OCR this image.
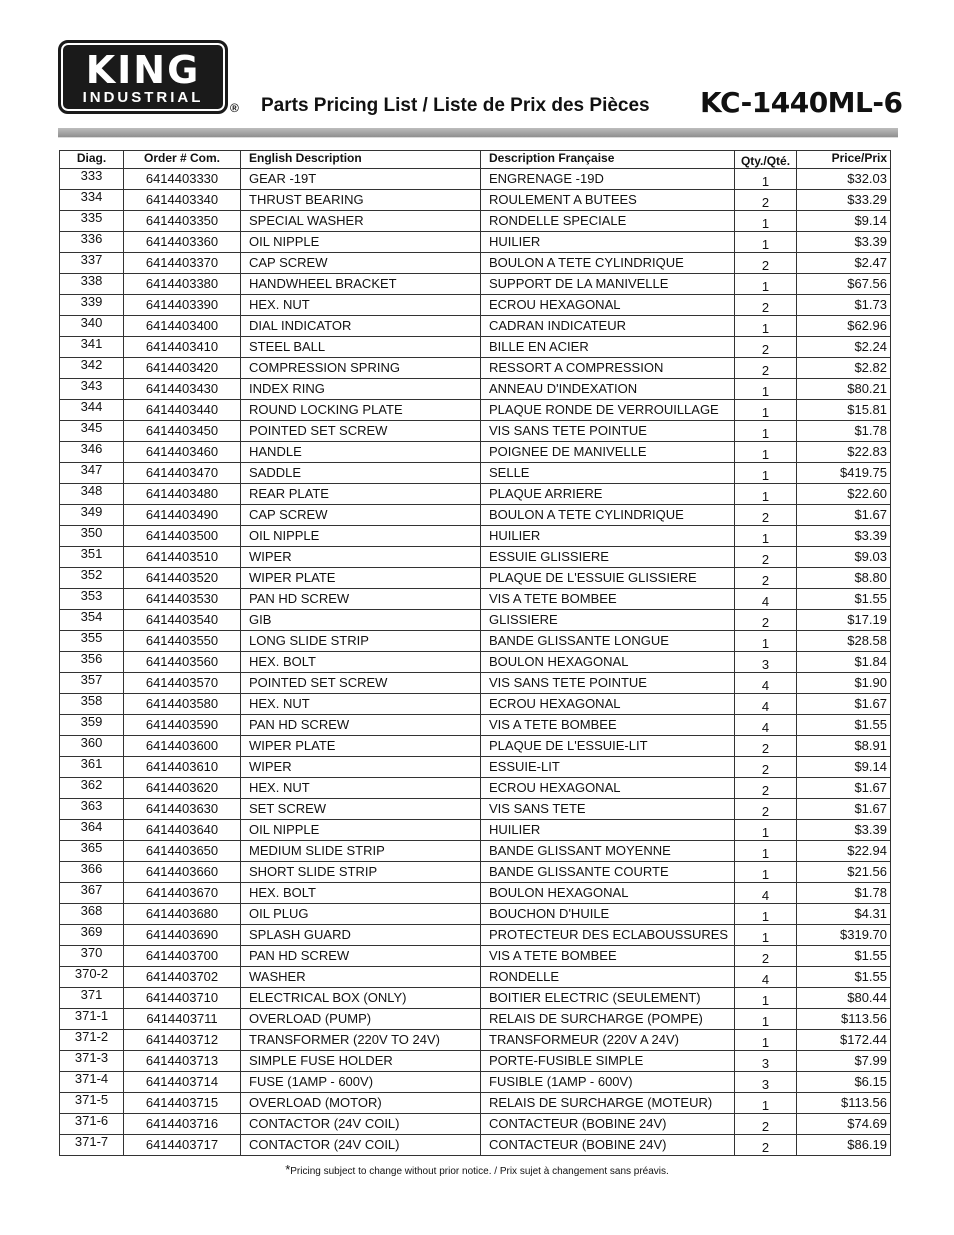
KING
INDUSTRIAL
® Parts Pricing List / Liste de Prix des Pièces KC-1440ML-6
Diag.	Order # Com.	English Description	Description Française	Qty./Qté.	Price/Prix
333	6414403330	GEAR -19T	ENGRENAGE -19D	1	$32.03
334	6414403340	THRUST BEARING	ROULEMENT A BUTEES	2	$33.29
335	6414403350	SPECIAL WASHER	RONDELLE SPECIALE	1	$9.14
336	6414403360	OIL NIPPLE	HUILIER	1	$3.39
337	6414403370	CAP SCREW	BOULON A TETE CYLINDRIQUE	2	$2.47
338	6414403380	HANDWHEEL BRACKET	SUPPORT DE LA MANIVELLE	1	$67.56
339	6414403390	HEX. NUT	ECROU HEXAGONAL	2	$1.73
340	6414403400	DIAL INDICATOR	CADRAN INDICATEUR	1	$62.96
341	6414403410	STEEL BALL	BILLE EN ACIER	2	$2.24
342	6414403420	COMPRESSION SPRING	RESSORT A COMPRESSION	2	$2.82
343	6414403430	INDEX RING	ANNEAU D'INDEXATION	1	$80.21
344	6414403440	ROUND LOCKING PLATE	PLAQUE RONDE DE VERROUILLAGE	1	$15.81
345	6414403450	POINTED SET SCREW	VIS SANS TETE POINTUE	1	$1.78
346	6414403460	HANDLE	POIGNEE DE MANIVELLE	1	$22.83
347	6414403470	SADDLE	SELLE	1	$419.75
348	6414403480	REAR PLATE	PLAQUE ARRIERE	1	$22.60
349	6414403490	CAP SCREW	BOULON A TETE CYLINDRIQUE	2	$1.67
350	6414403500	OIL NIPPLE	HUILIER	1	$3.39
351	6414403510	WIPER	ESSUIE GLISSIERE	2	$9.03
352	6414403520	WIPER PLATE	PLAQUE DE L'ESSUIE GLISSIERE	2	$8.80
353	6414403530	PAN HD SCREW	VIS A TETE BOMBEE	4	$1.55
354	6414403540	GIB	GLISSIERE	2	$17.19
355	6414403550	LONG SLIDE STRIP	BANDE GLISSANTE LONGUE	1	$28.58
356	6414403560	HEX. BOLT	BOULON HEXAGONAL	3	$1.84
357	6414403570	POINTED SET SCREW	VIS SANS TETE POINTUE	4	$1.90
358	6414403580	HEX. NUT	ECROU HEXAGONAL	4	$1.67
359	6414403590	PAN HD SCREW	VIS A TETE BOMBEE	4	$1.55
360	6414403600	WIPER PLATE	PLAQUE DE L'ESSUIE-LIT	2	$8.91
361	6414403610	WIPER	ESSUIE-LIT	2	$9.14
362	6414403620	HEX. NUT	ECROU HEXAGONAL	2	$1.67
363	6414403630	SET SCREW	VIS SANS TETE	2	$1.67
364	6414403640	OIL NIPPLE	HUILIER	1	$3.39
365	6414403650	MEDIUM SLIDE STRIP	BANDE GLISSANT MOYENNE	1	$22.94
366	6414403660	SHORT SLIDE STRIP	BANDE GLISSANTE COURTE	1	$21.56
367	6414403670	HEX. BOLT	BOULON HEXAGONAL	4	$1.78
368	6414403680	OIL PLUG	BOUCHON D'HUILE	1	$4.31
369	6414403690	SPLASH GUARD	PROTECTEUR DES ECLABOUSSURES	1	$319.70
370	6414403700	PAN HD SCREW	VIS A TETE BOMBEE	2	$1.55
370-2	6414403702	WASHER	RONDELLE	4	$1.55
371	6414403710	ELECTRICAL BOX (ONLY)	BOITIER ELECTRIC (SEULEMENT)	1	$80.44
371-1	6414403711	OVERLOAD (PUMP)	RELAIS DE SURCHARGE (POMPE)	1	$113.56
371-2	6414403712	TRANSFORMER (220V TO 24V)	TRANSFORMEUR (220V A 24V)	1	$172.44
371-3	6414403713	SIMPLE FUSE HOLDER	PORTE-FUSIBLE SIMPLE	3	$7.99
371-4	6414403714	FUSE (1AMP - 600V)	FUSIBLE (1AMP - 600V)	3	$6.15
371-5	6414403715	OVERLOAD (MOTOR)	RELAIS DE SURCHARGE (MOTEUR)	1	$113.56
371-6	6414403716	CONTACTOR (24V COIL)	CONTACTEUR (BOBINE 24V)	2	$74.69
371-7	6414403717	CONTACTOR (24V COIL)	CONTACTEUR (BOBINE 24V)	2	$86.19
*Pricing subject to change without prior notice. / Prix sujet à changement sans préavis.
